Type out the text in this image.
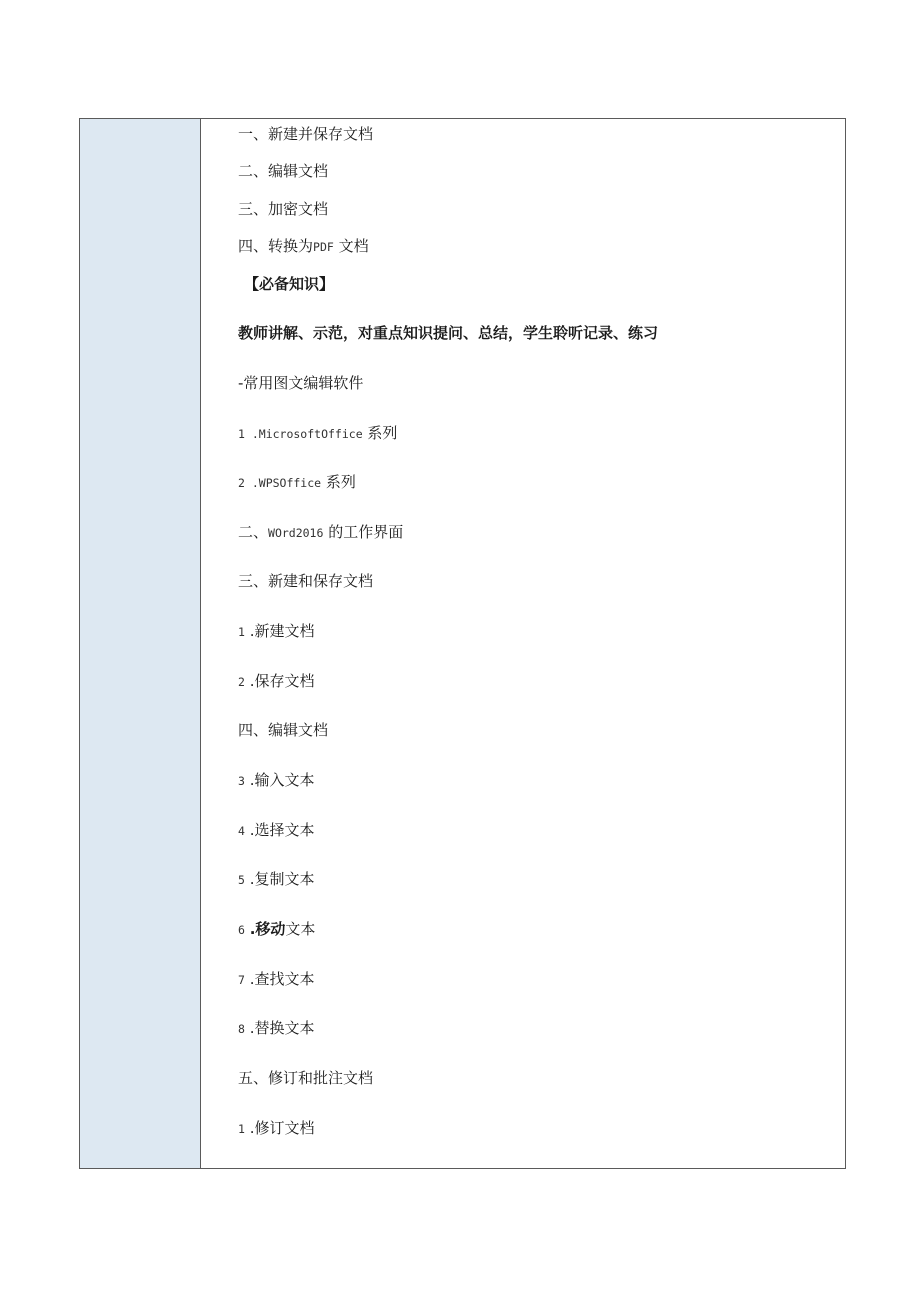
一、新建并保存文档
二、编辑文档
三、加密文档
四、转换为PDF 文档
【必备知识】
教师讲解、示范，对重点知识提问、总结，学生聆听记录、练习
-常用图文编辑软件
1 .MicrosoftOffice 系列
2 .WPSOffice 系列
二、WOrd2016 的工作界面
三、新建和保存文档
1 .新建文档
2 .保存文档
四、编辑文档
3 .输入文本
4 .选择文本
5 .复制文本
6 .移动文本
7 .查找文本
8 .替换文本
五、修订和批注文档
1 .修订文档
